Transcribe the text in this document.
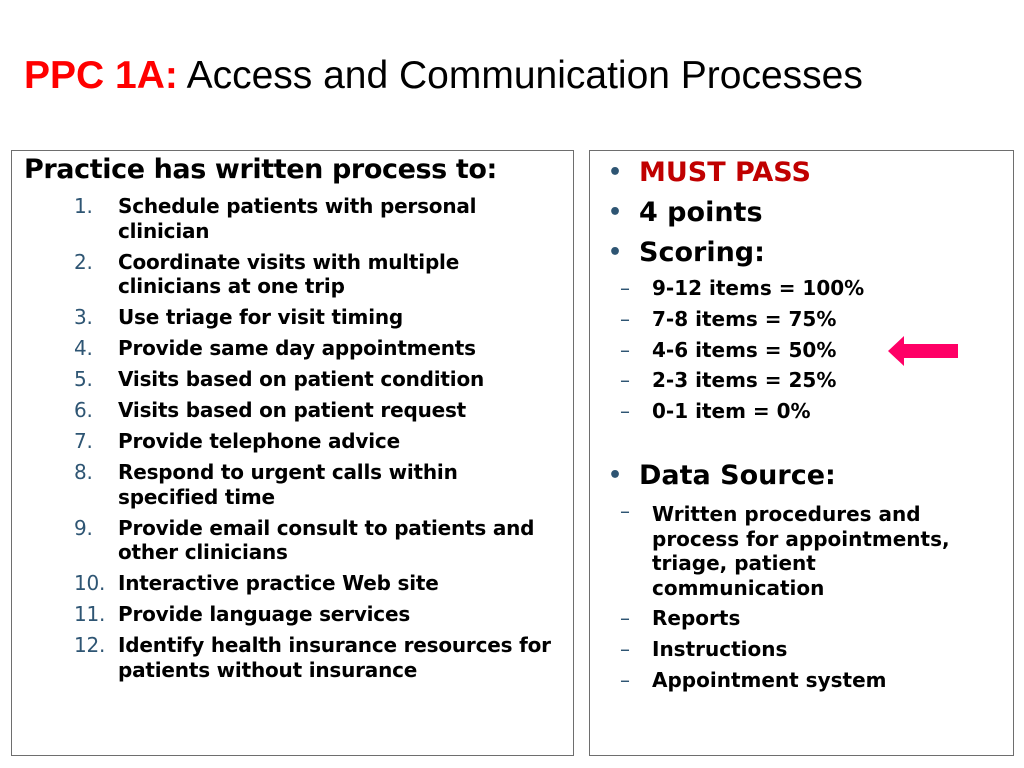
PPC 1A: Access and Communication Processes
Practice has written process to:
1.	Schedule patients with personal clinician
2.	Coordinate visits with multiple clinicians at one trip
3.	Use triage for visit timing
4.	Provide same day appointments
5.	Visits based on patient condition
6.	Visits based on patient request
7.	Provide telephone advice
8.	Respond to urgent calls within specified time
9.	Provide email consult to patients and other clinicians
10. Interactive practice Web site
11. Provide language services
12. Identify health insurance resources for patients without insurance
• MUST PASS
• 4 points
• Scoring:
– 9-12 items = 100%
– 7-8 items = 75%
– 4-6 items = 50%
– 2-3 items = 25%
– 0-1 item = 0%
• Data Source:
– Written procedures and process for appointments, triage, patient communication
– Reports
– Instructions
– Appointment system
